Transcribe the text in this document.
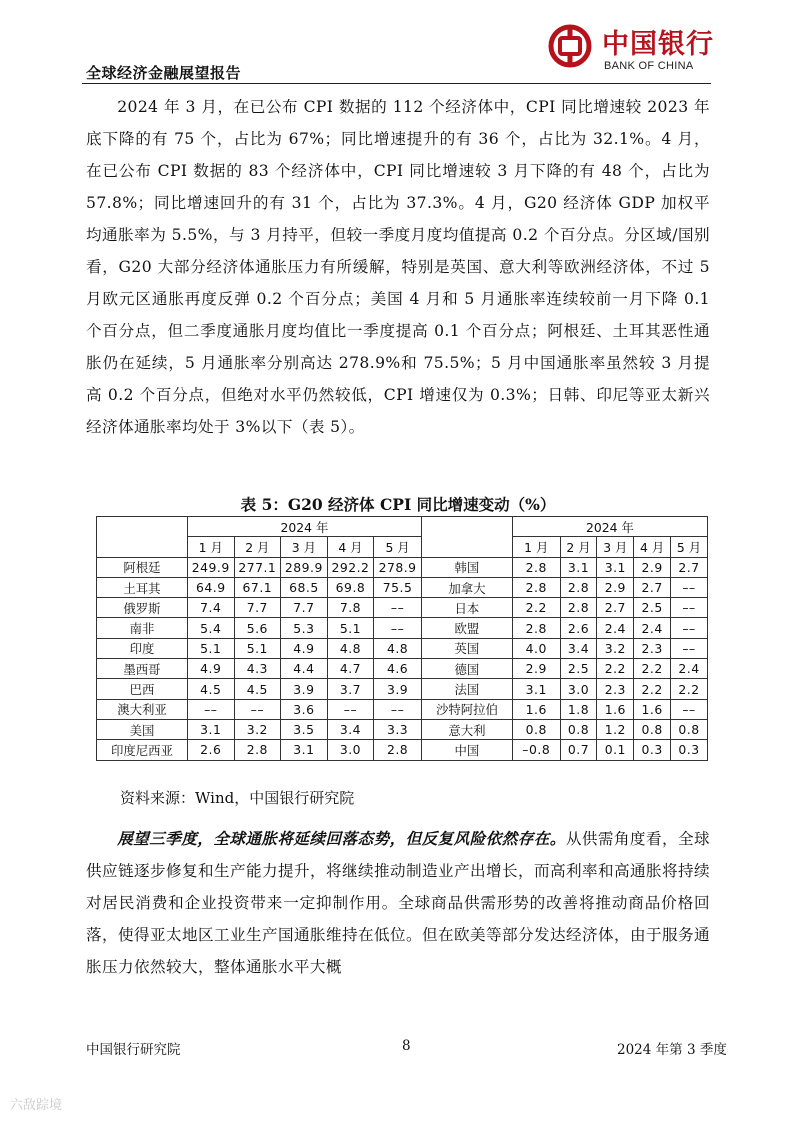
全球经济金融展望报告
中国银行
BANK OF CHINA

2024 年 3 月，在已公布 CPI 数据的 112 个经济体中，CPI 同比增速较 2023 年底下降的有 75 个，占比为 67%；同比增速提升的有 36 个，占比为 32.1%。4 月，在已公布 CPI 数据的 83 个经济体中，CPI 同比增速较 3 月下降的有 48 个，占比为 57.8%；同比增速回升的有 31 个，占比为 37.3%。4 月，G20 经济体 GDP 加权平均通胀率为 5.5%，与 3 月持平，但较一季度月度均值提高 0.2 个百分点。分区域/国别看，G20 大部分经济体通胀压力有所缓解，特别是英国、意大利等欧洲经济体，不过 5 月欧元区通胀再度反弹 0.2 个百分点；美国 4 月和 5 月通胀率连续较前一月下降 0.1 个百分点，但二季度通胀月度均值比一季度提高 0.1 个百分点；阿根廷、土耳其恶性通胀仍在延续，5 月通胀率分别高达 278.9%和 75.5%；5 月中国通胀率虽然较 3 月提高 0.2 个百分点，但绝对水平仍然较低，CPI 增速仅为 0.3%；日韩、印尼等亚太新兴经济体通胀率均处于 3%以下（表 5）。

表 5：G20 经济体 CPI 同比增速变动（%）
	2024 年						2024 年				
	1 月	2 月	3 月	4 月	5 月		1 月	2 月	3 月	4 月	5 月
阿根廷	249.9	277.1	289.9	292.2	278.9	韩国	2.8	3.1	3.1	2.9	2.7
土耳其	64.9	67.1	68.5	69.8	75.5	加拿大	2.8	2.8	2.9	2.7	––
俄罗斯	7.4	7.7	7.7	7.8	––	日本	2.2	2.8	2.7	2.5	––
南非	5.4	5.6	5.3	5.1	––	欧盟	2.8	2.6	2.4	2.4	––
印度	5.1	5.1	4.9	4.8	4.8	英国	4.0	3.4	3.2	2.3	––
墨西哥	4.9	4.3	4.4	4.7	4.6	德国	2.9	2.5	2.2	2.2	2.4
巴西	4.5	4.5	3.9	3.7	3.9	法国	3.1	3.0	2.3	2.2	2.2
澳大利亚	––	––	3.6	––	––	沙特阿拉伯	1.6	1.8	1.6	1.6	––
美国	3.1	3.2	3.5	3.4	3.3	意大利	0.8	0.8	1.2	0.8	0.8
印度尼西亚	2.6	2.8	3.1	3.0	2.8	中国	–0.8	0.7	0.1	0.3	0.3
资料来源：Wind，中国银行研究院

展望三季度，全球通胀将延续回落态势，但反复风险依然存在。从供需角度看，全球供应链逐步修复和生产能力提升，将继续推动制造业产出增长，而高利率和高通胀将持续对居民消费和企业投资带来一定抑制作用。全球商品供需形势的改善将推动商品价格回落，使得亚太地区工业生产国通胀维持在低位。但在欧美等部分发达经济体，由于服务通胀压力依然较大，整体通胀水平大概

中国银行研究院	8	2024 年第 3 季度
六敌踪境
